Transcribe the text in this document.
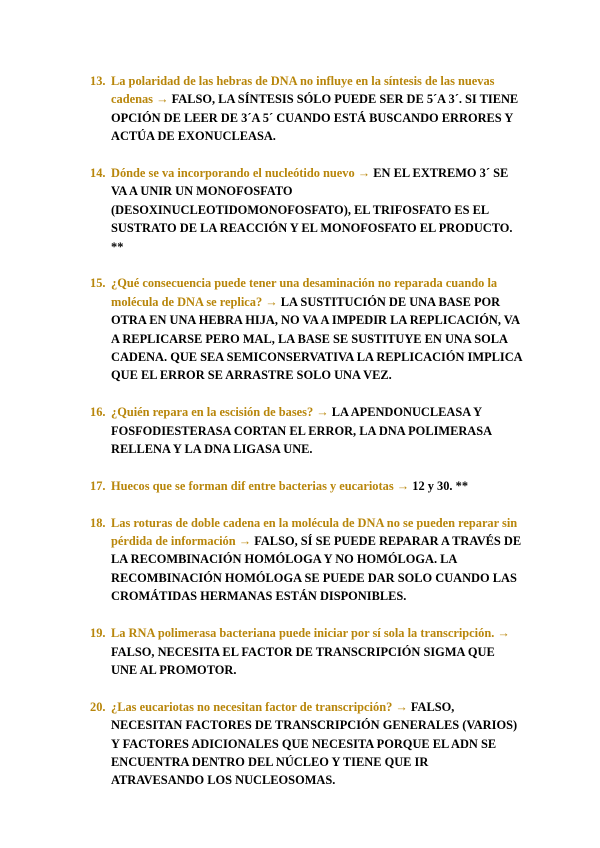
13. La polaridad de las hebras de DNA no influye en la síntesis de las nuevas cadenas → FALSO, LA SÍNTESIS SÓLO PUEDE SER DE 5´A 3´. SI TIENE OPCIÓN DE LEER DE 3´A 5´ CUANDO ESTÁ BUSCANDO ERRORES Y ACTÚA DE EXONUCLEASA.
14. Dónde se va incorporando el nucleótido nuevo → EN EL EXTREMO 3´ SE VA A UNIR UN MONOFOSFATO (DESOXINUCLEOTIDOMONOFOSFATO), EL TRIFOSFATO ES EL SUSTRATO DE LA REACCIÓN Y EL MONOFOSFATO EL PRODUCTO. **
15. ¿Qué consecuencia puede tener una desaminación no reparada cuando la molécula de DNA se replica? → LA SUSTITUCIÓN DE UNA BASE POR OTRA EN UNA HEBRA HIJA, NO VA A IMPEDIR LA REPLICACIÓN, VA A REPLICARSE PERO MAL, LA BASE SE SUSTITUYE EN UNA SOLA CADENA. QUE SEA SEMICONSERVATIVA LA REPLICACIÓN IMPLICA QUE EL ERROR SE ARRASTRE SOLO UNA VEZ.
16. ¿Quién repara en la escisión de bases? → LA APENDONUCLEASA Y FOSFODIESTERASA CORTAN EL ERROR, LA DNA POLIMERASA RELLENA Y LA DNA LIGASA UNE.
17. Huecos que se forman dif entre bacterias y eucariotas → 12 y 30. **
18. Las roturas de doble cadena en la molécula de DNA no se pueden reparar sin pérdida de información → FALSO, SÍ SE PUEDE REPARAR A TRAVÉS DE LA RECOMBINACIÓN HOMÓLOGA Y NO HOMÓLOGA. LA RECOMBINACIÓN HOMÓLOGA SE PUEDE DAR SOLO CUANDO LAS CROMÁTIDAS HERMANAS ESTÁN DISPONIBLES.
19. La RNA polimerasa bacteriana puede iniciar por sí sola la transcripción. → FALSO, NECESITA EL FACTOR DE TRANSCRIPCIÓN SIGMA QUE UNE AL PROMOTOR.
20. ¿Las eucariotas no necesitan factor de transcripción? → FALSO, NECESITAN FACTORES DE TRANSCRIPCIÓN GENERALES (VARIOS) Y FACTORES ADICIONALES QUE NECESITA PORQUE EL ADN SE ENCUENTRA DENTRO DEL NÚCLEO Y TIENE QUE IR ATRAVESANDO LOS NUCLEOSOMAS.
